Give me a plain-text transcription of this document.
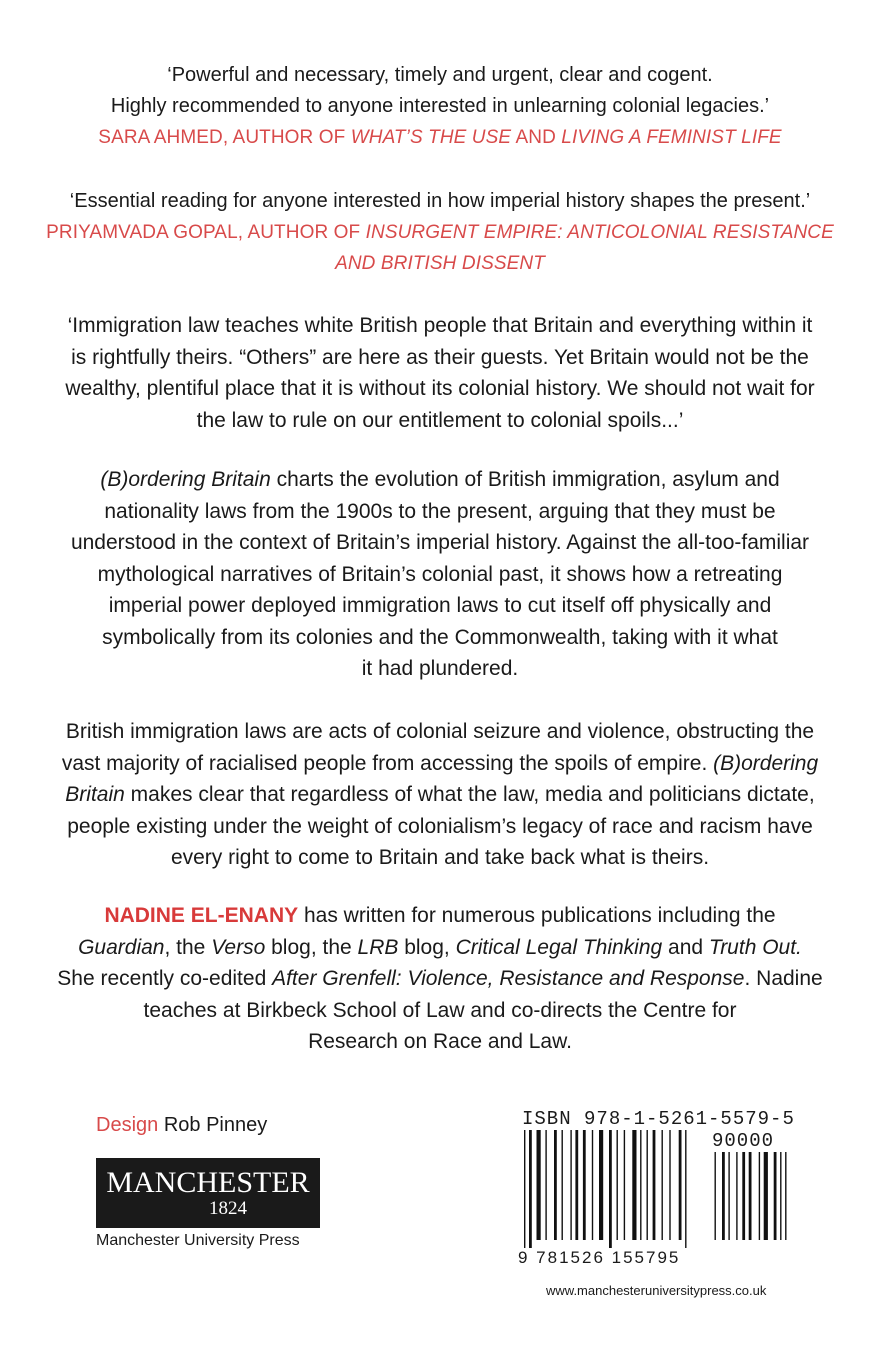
‘Powerful and necessary, timely and urgent, clear and cogent.
Highly recommended to anyone interested in unlearning colonial legacies.’
SARA AHMED, AUTHOR OF WHAT’S THE USE AND LIVING A FEMINIST LIFE
‘Essential reading for anyone interested in how imperial history shapes the present.’
PRIYAMVADA GOPAL, AUTHOR OF INSURGENT EMPIRE: ANTICOLONIAL RESISTANCE
AND BRITISH DISSENT
‘Immigration law teaches white British people that Britain and everything within it
is rightfully theirs. “Others” are here as their guests. Yet Britain would not be the
wealthy, plentiful place that it is without its colonial history. We should not wait for
the law to rule on our entitlement to colonial spoils...’
(B)ordering Britain charts the evolution of British immigration, asylum and
nationality laws from the 1900s to the present, arguing that they must be
understood in the context of Britain’s imperial history. Against the all-too-familiar
mythological narratives of Britain’s colonial past, it shows how a retreating
imperial power deployed immigration laws to cut itself off physically and
symbolically from its colonies and the Commonwealth, taking with it what
it had plundered.
British immigration laws are acts of colonial seizure and violence, obstructing the
vast majority of racialised people from accessing the spoils of empire. (B)ordering
Britain makes clear that regardless of what the law, media and politicians dictate,
people existing under the weight of colonialism’s legacy of race and racism have
every right to come to Britain and take back what is theirs.
NADINE EL-ENANY has written for numerous publications including the
Guardian, the Verso blog, the LRB blog, Critical Legal Thinking and Truth Out.
She recently co-edited After Grenfell: Violence, Resistance and Response. Nadine
teaches at Birkbeck School of Law and co-directs the Centre for
Research on Race and Law.
Design Rob Pinney
MANCHESTER
1824
Manchester University Press
ISBN 978-1-5261-5579-5
90000
9 781526 155795
www.manchesteruniversitypress.co.uk
